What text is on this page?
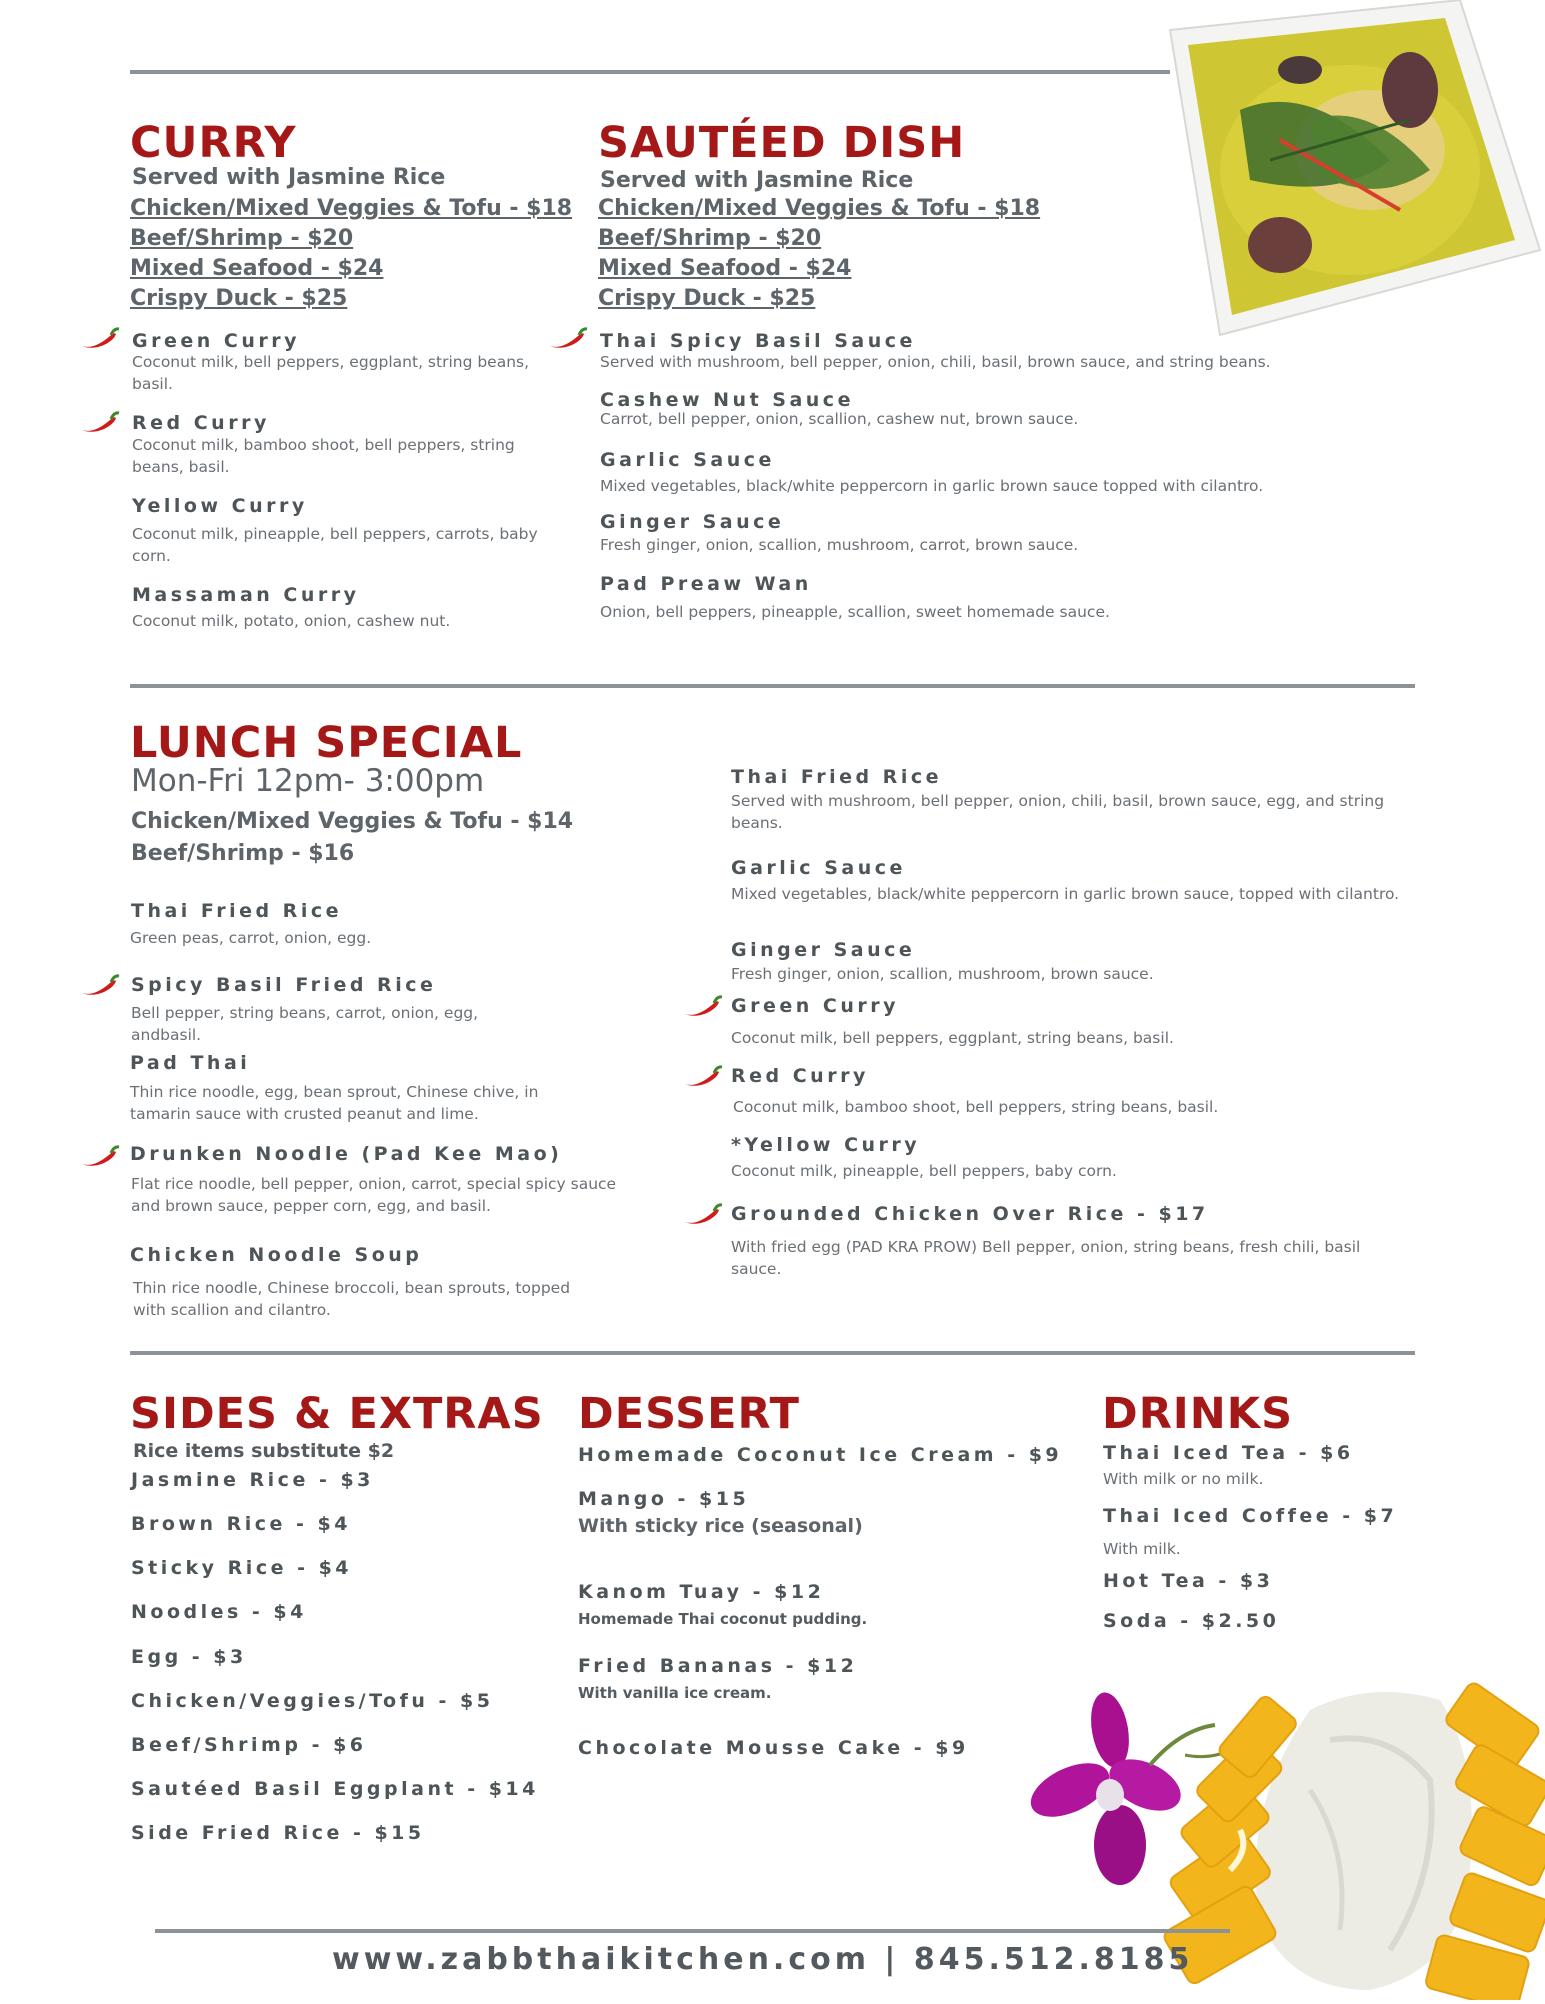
CURRY
Served with Jasmine Rice
Chicken/Mixed Veggies & Tofu - $18
Beef/Shrimp - $20
Mixed Seafood - $24
Crispy Duck - $25
Green Curry
Coconut milk, bell peppers, eggplant, string beans, basil.
Red Curry
Coconut milk, bamboo shoot, bell peppers, string beans, basil.
Yellow Curry
Coconut milk, pineapple, bell peppers, carrots, baby corn.
Massaman Curry
Coconut milk, potato, onion, cashew nut.
SAUTÉED DISH
Served with Jasmine Rice
Chicken/Mixed Veggies & Tofu - $18
Beef/Shrimp - $20
Mixed Seafood - $24
Crispy Duck - $25
Thai Spicy Basil Sauce
Served with mushroom, bell pepper, onion, chili, basil, brown sauce, and string beans.
Cashew Nut Sauce
Carrot, bell pepper, onion, scallion, cashew nut, brown sauce.
Garlic Sauce
Mixed vegetables, black/white peppercorn in garlic brown sauce topped with cilantro.
Ginger Sauce
Fresh ginger, onion, scallion, mushroom, carrot, brown sauce.
Pad Preaw Wan
Onion, bell peppers, pineapple, scallion, sweet homemade sauce.
LUNCH SPECIAL
Mon-Fri 12pm- 3:00pm
Chicken/Mixed Veggies & Tofu - $14
Beef/Shrimp - $16
Thai Fried Rice
Green peas, carrot, onion, egg.
Spicy Basil Fried Rice
Bell pepper, string beans, carrot, onion, egg, andbasil.
Pad Thai
Thin rice noodle, egg, bean sprout, Chinese chive, in tamarin sauce with crusted peanut and lime.
Drunken Noodle (Pad Kee Mao)
Flat rice noodle, bell pepper, onion, carrot, special spicy sauce and brown sauce, pepper corn, egg, and basil.
Chicken Noodle Soup
Thin rice noodle, Chinese broccoli, bean sprouts, topped with scallion and cilantro.
Thai Fried Rice
Served with mushroom, bell pepper, onion, chili, basil, brown sauce, egg, and string beans.
Garlic Sauce
Mixed vegetables, black/white peppercorn in garlic brown sauce, topped with cilantro.
Ginger Sauce
Fresh ginger, onion, scallion, mushroom, brown sauce.
Green Curry
Coconut milk, bell peppers, eggplant, string beans, basil.
Red Curry
Coconut milk, bamboo shoot, bell peppers, string beans, basil.
*Yellow Curry
Coconut milk, pineapple, bell peppers, baby corn.
Grounded Chicken Over Rice - $17
With fried egg (PAD KRA PROW) Bell pepper, onion, string beans, fresh chili, basil sauce.
SIDES & EXTRAS
Rice items substitute $2
Jasmine Rice - $3
Brown Rice - $4
Sticky Rice - $4
Noodles - $4
Egg - $3
Chicken/Veggies/Tofu - $5
Beef/Shrimp - $6
Sautéed Basil Eggplant - $14
Side Fried Rice - $15
DESSERT
Homemade Coconut Ice Cream - $9
Mango - $15
With sticky rice (seasonal)
Kanom Tuay - $12
Homemade Thai coconut pudding.
Fried Bananas - $12
With vanilla ice cream.
Chocolate Mousse Cake - $9
DRINKS
Thai Iced Tea - $6
With milk or no milk.
Thai Iced Coffee - $7
With milk.
Hot Tea - $3
Soda - $2.50
www.zabbthaikitchen.com | 845.512.8185
